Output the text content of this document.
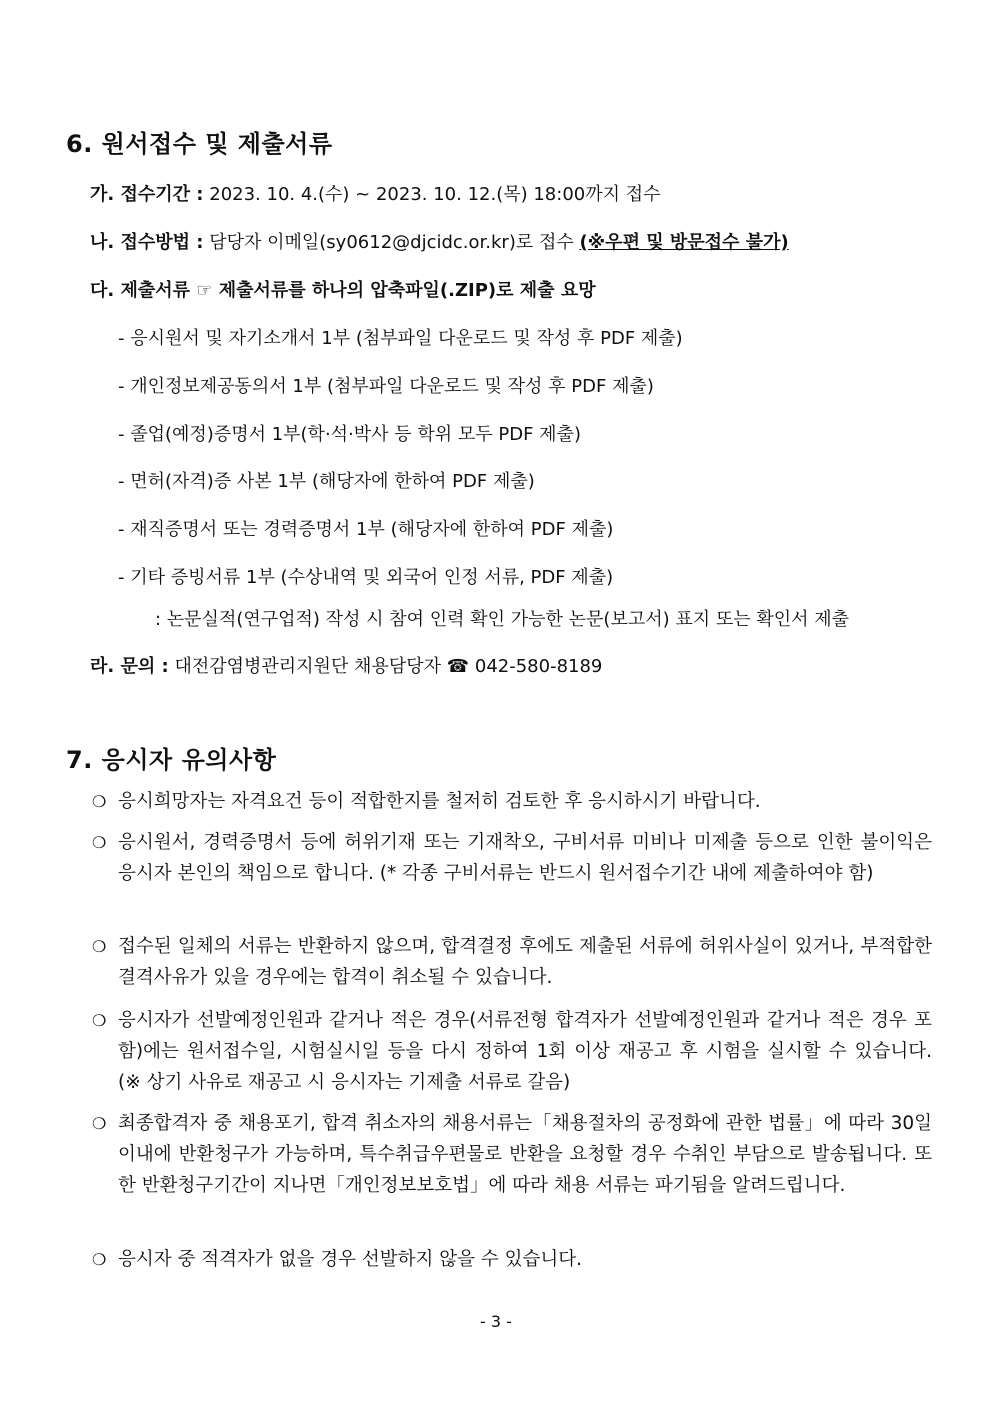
6. 원서접수 및 제출서류
가. 접수기간 : 2023. 10. 4.(수) ~ 2023. 10. 12.(목) 18:00까지 접수
나. 접수방법 : 담당자 이메일(sy0612@djcidc.or.kr)로 접수 (※우편 및 방문접수 불가)
다. 제출서류 ☞ 제출서류를 하나의 압축파일(.ZIP)로 제출 요망
- 응시원서 및 자기소개서 1부 (첨부파일 다운로드 및 작성 후 PDF 제출)
- 개인정보제공동의서 1부 (첨부파일 다운로드 및 작성 후 PDF 제출)
- 졸업(예정)증명서 1부(학·석·박사 등 학위 모두 PDF 제출)
- 면허(자격)증 사본 1부 (해당자에 한하여 PDF 제출)
- 재직증명서 또는 경력증명서 1부 (해당자에 한하여 PDF 제출)
- 기타 증빙서류 1부 (수상내역 및 외국어 인정 서류, PDF 제출)
: 논문실적(연구업적) 작성 시 참여 인력 확인 가능한 논문(보고서) 표지 또는 확인서 제출
라. 문의 : 대전감염병관리지원단 채용담당자 ☎ 042-580-8189
7. 응시자 유의사항
❍ 응시희망자는 자격요건 등이 적합한지를 철저히 검토한 후 응시하시기 바랍니다.
❍ 응시원서, 경력증명서 등에 허위기재 또는 기재착오, 구비서류 미비나 미제출 등으로 인한 불이익은 응시자 본인의 책임으로 합니다. (* 각종 구비서류는 반드시 원서접수기간 내에 제출하여야 함)
❍ 접수된 일체의 서류는 반환하지 않으며, 합격결정 후에도 제출된 서류에 허위사실이 있거나, 부적합한 결격사유가 있을 경우에는 합격이 취소될 수 있습니다.
❍ 응시자가 선발예정인원과 같거나 적은 경우(서류전형 합격자가 선발예정인원과 같거나 적은 경우 포함)에는 원서접수일, 시험실시일 등을 다시 정하여 1회 이상 재공고 후 시험을 실시할 수 있습니다. (※ 상기 사유로 재공고 시 응시자는 기제출 서류로 갈음)
❍ 최종합격자 중 채용포기, 합격 취소자의 채용서류는「채용절차의 공정화에 관한 법률」에 따라 30일 이내에 반환청구가 가능하며, 특수취급우편물로 반환을 요청할 경우 수취인 부담으로 발송됩니다. 또한 반환청구기간이 지나면「개인정보보호법」에 따라 채용 서류는 파기됨을 알려드립니다.
❍ 응시자 중 적격자가 없을 경우 선발하지 않을 수 있습니다.
- 3 -
